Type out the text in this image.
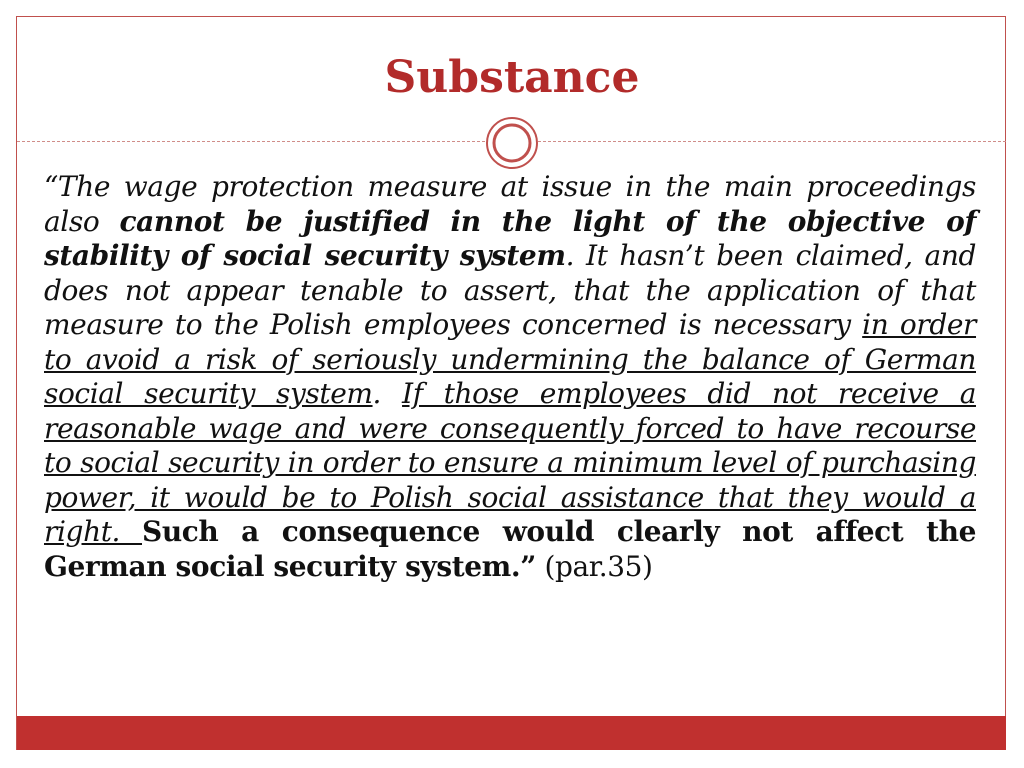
Substance
“The wage protection measure at issue in the main proceedings also cannot be justified in the light of the objective of stability of social security system. It hasn’t been claimed, and does not appear tenable to assert, that the application of that measure to the Polish employees concerned is necessary in order to avoid a risk of seriously undermining the balance of German social security system. If those employees did not receive a reasonable wage and were consequently forced to have recourse to social security in order to ensure a minimum level of purchasing power, it would be to Polish social assistance that they would a right. Such a consequence would clearly not affect the German social security system.” (par.35)
